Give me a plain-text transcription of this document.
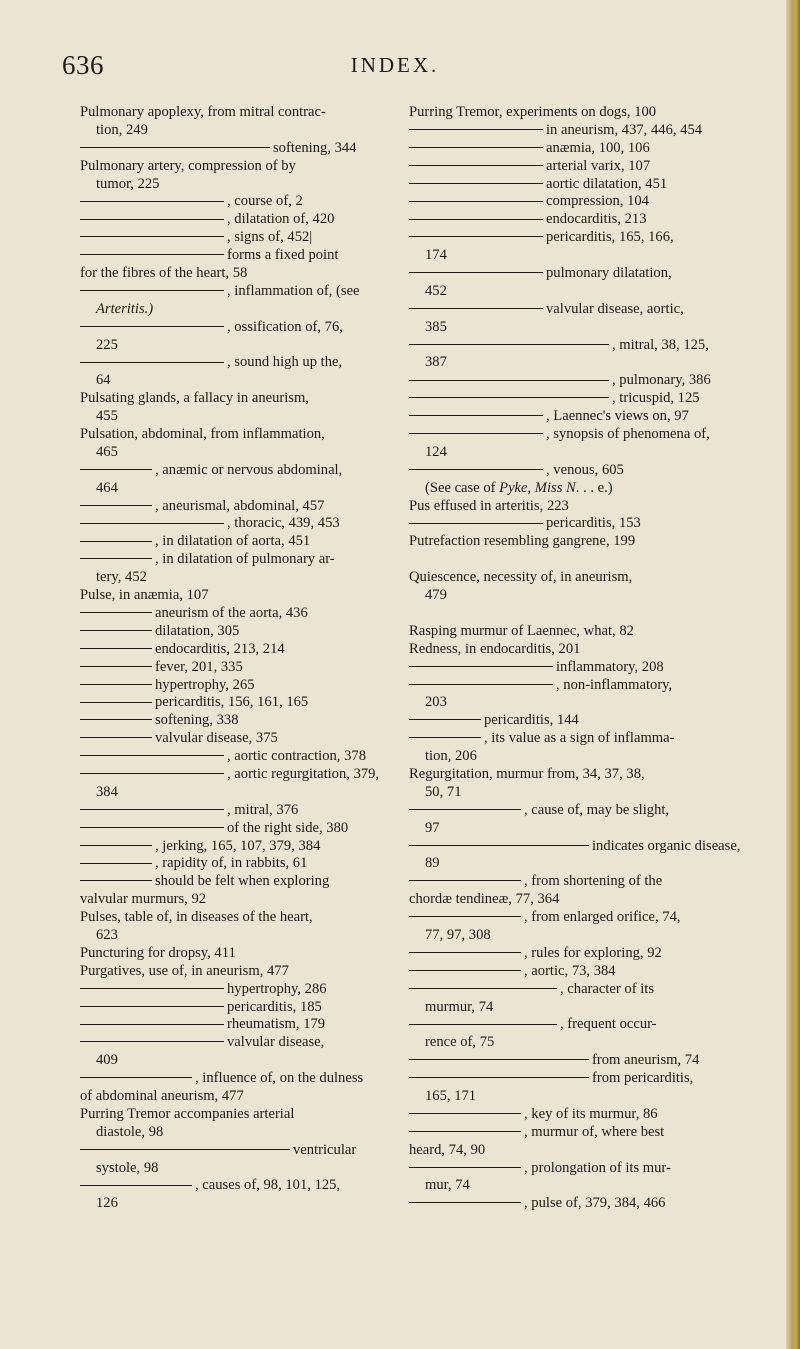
636	INDEX.
Pulmonary apoplexy, from mitral contrac-
tion, 249
softening, 344
Pulmonary artery, compression of by
tumor, 225
, course of, 2
, dilatation of, 420
, signs of, 452|
forms a fixed point
for the fibres of the heart, 58
, inflammation of, (see
Arteritis.)
, ossification of, 76,
225
, sound high up the,
64
Pulsating glands, a fallacy in aneurism,
455
Pulsation, abdominal, from inflammation,
465
, anæmic or nervous abdominal,
464
, aneurismal, abdominal, 457
, thoracic, 439, 453
, in dilatation of aorta, 451
, in dilatation of pulmonary ar-
tery, 452
Pulse, in anæmia, 107
aneurism of the aorta, 436
dilatation, 305
endocarditis, 213, 214
fever, 201, 335
hypertrophy, 265
pericarditis, 156, 161, 165
softening, 338
valvular disease, 375
, aortic contraction, 378
, aortic regurgitation, 379,
384
, mitral, 376
of the right side, 380
, jerking, 165, 107, 379, 384
, rapidity of, in rabbits, 61
should be felt when exploring
valvular murmurs, 92
Pulses, table of, in diseases of the heart,
623
Puncturing for dropsy, 411
Purgatives, use of, in aneurism, 477
hypertrophy, 286
pericarditis, 185
rheumatism, 179
valvular disease,
409
, influence of, on the dulness
of abdominal aneurism, 477
Purring Tremor accompanies arterial
diastole, 98
ventricular
systole, 98
, causes of, 98, 101, 125,
126
Purring Tremor, experiments on dogs, 100
in aneurism, 437, 446, 454
anæmia, 100, 106
arterial varix, 107
aortic dilatation, 451
compression, 104
endocarditis, 213
pericarditis, 165, 166,
174
pulmonary dilatation,
452
valvular disease, aortic,
385
, mitral, 38, 125,
387
, pulmonary, 386
, tricuspid, 125
, Laennec's views on, 97
, synopsis of phenomena of,
124
, venous, 605
(See case of Pyke, Miss N. . . e.)
Pus effused in arteritis, 223
pericarditis, 153
Putrefaction resembling gangrene, 199
Quiescence, necessity of, in aneurism,
479
Rasping murmur of Laennec, what, 82
Redness, in endocarditis, 201
inflammatory, 208
, non-inflammatory,
203
pericarditis, 144
, its value as a sign of inflamma-
tion, 206
Regurgitation, murmur from, 34, 37, 38,
50, 71
, cause of, may be slight,
97
indicates organic disease,
89
, from shortening of the
chordæ tendineæ, 77, 364
, from enlarged orifice, 74,
77, 97, 308
, rules for exploring, 92
, aortic, 73, 384
, character of its
murmur, 74
, frequent occur-
rence of, 75
from aneurism, 74
from pericarditis,
165, 171
, key of its murmur, 86
, murmur of, where best
heard, 74, 90
, prolongation of its mur-
mur, 74
, pulse of, 379, 384, 466
